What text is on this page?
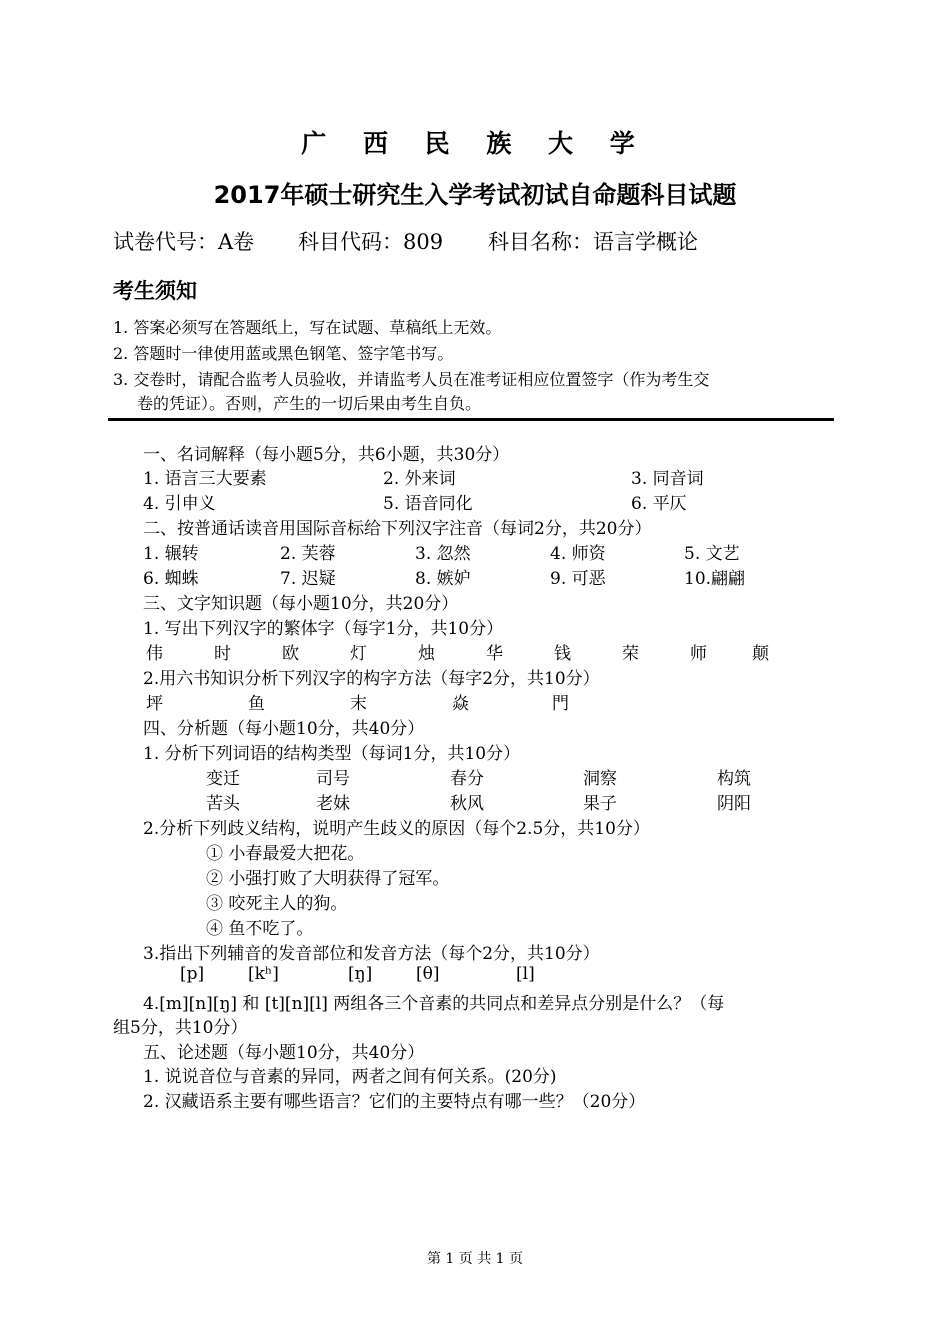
广 西 民 族 大 学
2017年硕士研究生入学考试初试自命题科目试题
试卷代号：A卷 科目代码：809 科目名称：语言学概论
考生须知
1. 答案必须写在答题纸上，写在试题、草稿纸上无效。
2. 答题时一律使用蓝或黑色钢笔、签字笔书写。
3. 交卷时，请配合监考人员验收，并请监考人员在准考证相应位置签字（作为考生交
卷的凭证）。否则，产生的一切后果由考生自负。
一、名词解释（每小题5分，共6小题，共30分）
1. 语言三大要素	2. 外来词	3. 同音词
4. 引申义	5. 语音同化	6. 平仄
二、按普通话读音用国际音标给下列汉字注音（每词2分，共20分）
1. 辗转	2. 芙蓉	3. 忽然	4. 师资	5. 文艺
6. 蜘蛛	7. 迟疑	8. 嫉妒	9. 可恶	10.翩翩
三、文字知识题（每小题10分，共20分）
1. 写出下列汉字的繁体字（每字1分，共10分）
伟	时	欧	灯	烛	华	钱	荣	师	颠
2.用六书知识分析下列汉字的构字方法（每字2分，共10分）
坪	鱼	末	焱	門
四、分析题（每小题10分，共40分）
1. 分析下列词语的结构类型（每词1分，共10分）
变迁	司号	春分	洞察	构筑
苦头	老妹	秋风	果子	阴阳
2.分析下列歧义结构，说明产生歧义的原因（每个2.5分，共10分）
① 小春最爱大把花。
② 小强打败了大明获得了冠军。
③ 咬死主人的狗。
④ 鱼不吃了。
3.指出下列辅音的发音部位和发音方法（每个2分，共10分）
[p]	[kʰ]	[ŋ]	[θ]	[l]
4.[m][n][ŋ] 和 [t][n][l] 两组各三个音素的共同点和差异点分别是什么？（每
组5分，共10分）
五、论述题（每小题10分，共40分）
1. 说说音位与音素的异同，两者之间有何关系。(20分)
2. 汉藏语系主要有哪些语言？它们的主要特点有哪一些？（20分）
第 1 页 共 1 页
